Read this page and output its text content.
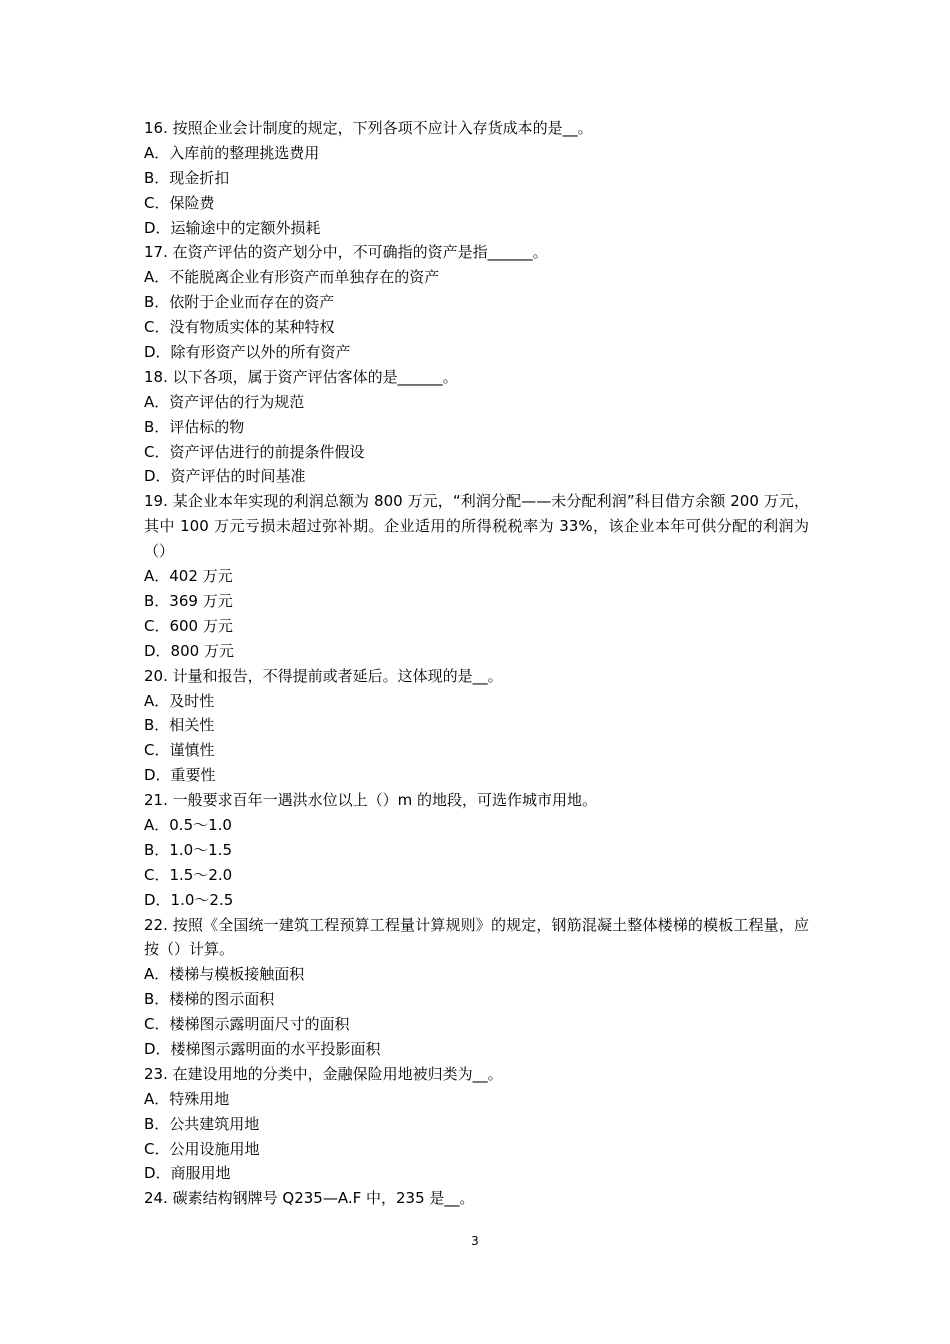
16. 按照企业会计制度的规定，下列各项不应计入存货成本的是__。
A．入库前的整理挑选费用
B．现金折扣
C．保险费
D．运输途中的定额外损耗
17. 在资产评估的资产划分中，不可确指的资产是指______。
A．不能脱离企业有形资产而单独存在的资产
B．依附于企业而存在的资产
C．没有物质实体的某种特权
D．除有形资产以外的所有资产
18. 以下各项，属于资产评估客体的是______。
A．资产评估的行为规范
B．评估标的物
C．资产评估进行的前提条件假设
D．资产评估的时间基准
19. 某企业本年实现的利润总额为 800 万元，“利润分配——未分配利润”科目借方余额 200 万元，其中 100 万元亏损未超过弥补期。企业适用的所得税税率为 33%，该企业本年可供分配的利润为（）
A．402 万元
B．369 万元
C．600 万元
D．800 万元
20. 计量和报告，不得提前或者延后。这体现的是__。
A．及时性
B．相关性
C．谨慎性
D．重要性
21. 一般要求百年一遇洪水位以上（）m 的地段，可选作城市用地。
A．0.5～1.0
B．1.0～1.5
C．1.5～2.0
D．1.0～2.5
22. 按照《全国统一建筑工程预算工程量计算规则》的规定，钢筋混凝土整体楼梯的模板工程量，应按（）计算。
A．楼梯与模板接触面积
B．楼梯的图示面积
C．楼梯图示露明面尺寸的面积
D．楼梯图示露明面的水平投影面积
23. 在建设用地的分类中，金融保险用地被归类为__。
A．特殊用地
B．公共建筑用地
C．公用设施用地
D．商服用地
24. 碳素结构钢牌号 Q235—A.F 中，235 是__。
3
